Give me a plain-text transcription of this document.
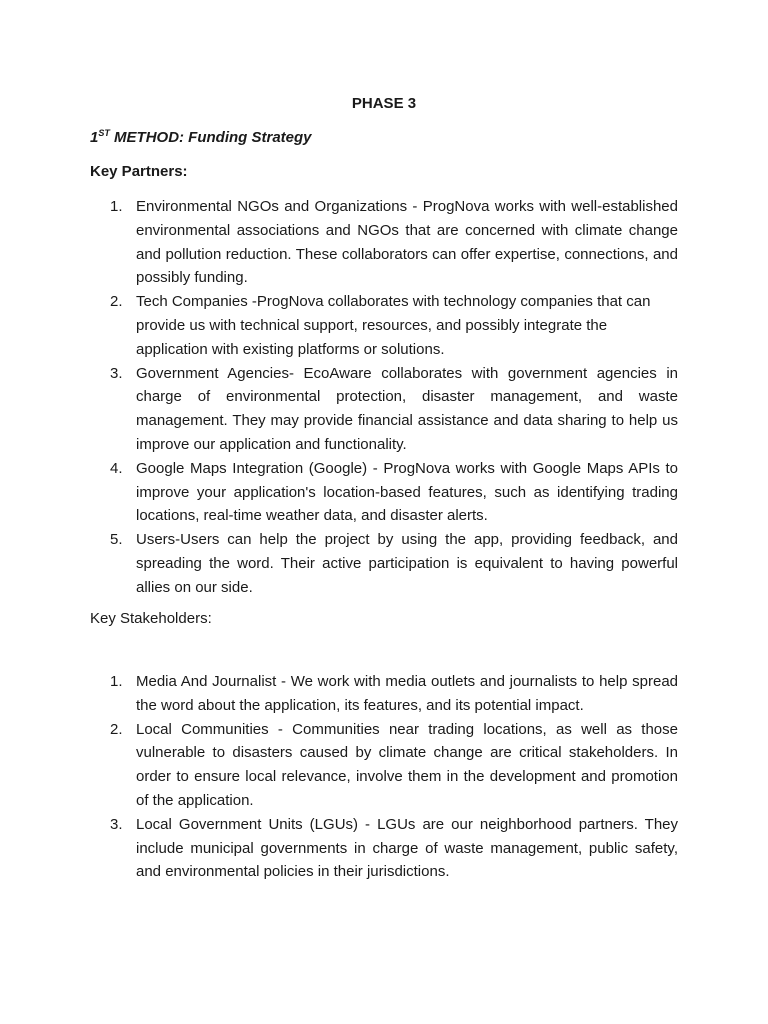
PHASE 3
1ST METHOD: Funding Strategy
Key Partners:
1. Environmental NGOs and Organizations - ProgNova works with well-established environmental associations and NGOs that are concerned with climate change and pollution reduction. These collaborators can offer expertise, connections, and possibly funding.
2. Tech Companies -ProgNova collaborates with technology companies that can provide us with technical support, resources, and possibly integrate the application with existing platforms or solutions.
3. Government Agencies- EcoAware collaborates with government agencies in charge of environmental protection, disaster management, and waste management. They may provide financial assistance and data sharing to help us improve our application and functionality.
4. Google Maps Integration (Google) - ProgNova works with Google Maps APIs to improve your application's location-based features, such as identifying trading locations, real-time weather data, and disaster alerts.
5. Users-Users can help the project by using the app, providing feedback, and spreading the word. Their active participation is equivalent to having powerful allies on our side.
Key Stakeholders:
1. Media And Journalist - We work with media outlets and journalists to help spread the word about the application, its features, and its potential impact.
2. Local Communities - Communities near trading locations, as well as those vulnerable to disasters caused by climate change are critical stakeholders. In order to ensure local relevance, involve them in the development and promotion of the application.
3. Local Government Units (LGUs) - LGUs are our neighborhood partners. They include municipal governments in charge of waste management, public safety, and environmental policies in their jurisdictions.
